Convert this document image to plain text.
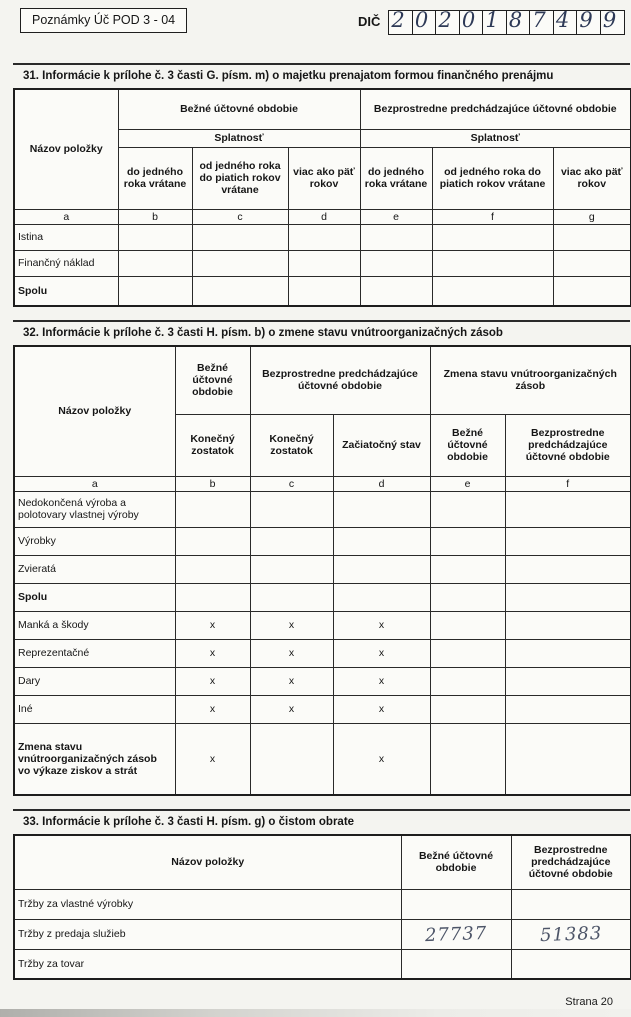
Poznámky Úč POD 3 - 04	DIČ 2 0 2 0 1 8 7 4 9 9
31. Informácie k prílohe č. 3 časti G. písm. m) o majetku prenajatom formou finančného prenájmu
Názov položky	Bežné účtovné obdobie			Bezprostredne predchádzajúce účtovné obdobie		
	Splatnosť			Splatnosť		
	do jedného roka vrátane	od jedného roka do piatich rokov vrátane	viac ako päť rokov	do jedného roka vrátane	od jedného roka do piatich rokov vrátane	viac ako päť rokov
a	b	c	d	e	f	g
Istina						
Finančný náklad						
Spolu						
32. Informácie k prílohe č. 3 časti H. písm. b) o zmene stavu vnútroorganizačných zásob
Názov položky	Bežné účtovné obdobie	Bezprostredne predchádzajúce účtovné obdobie		Zmena stavu vnútroorganizačných zásob	
	Konečný zostatok	Konečný zostatok	Začiatočný stav	Bežné účtovné obdobie	Bezprostredne predchádzajúce účtovné obdobie
a	b	c	d	e	f
Nedokončená výroba a polotovary vlastnej výroby					
Výrobky					
Zvieratá					
Spolu					
Manká a škody	x	x	x		
Reprezentačné	x	x	x		
Dary	x	x	x		
Iné	x	x	x		
Zmena stavu vnútroorganizačných zásob vo výkaze ziskov a strát	x		x		
33. Informácie k prílohe č. 3 časti H. písm. g) o čistom obrate
Názov položky	Bežné účtovné obdobie	Bezprostredne predchádzajúce účtovné obdobie
Tržby za vlastné výrobky		
Tržby z predaja služieb	27737	51383
Tržby za tovar		
Strana 20
